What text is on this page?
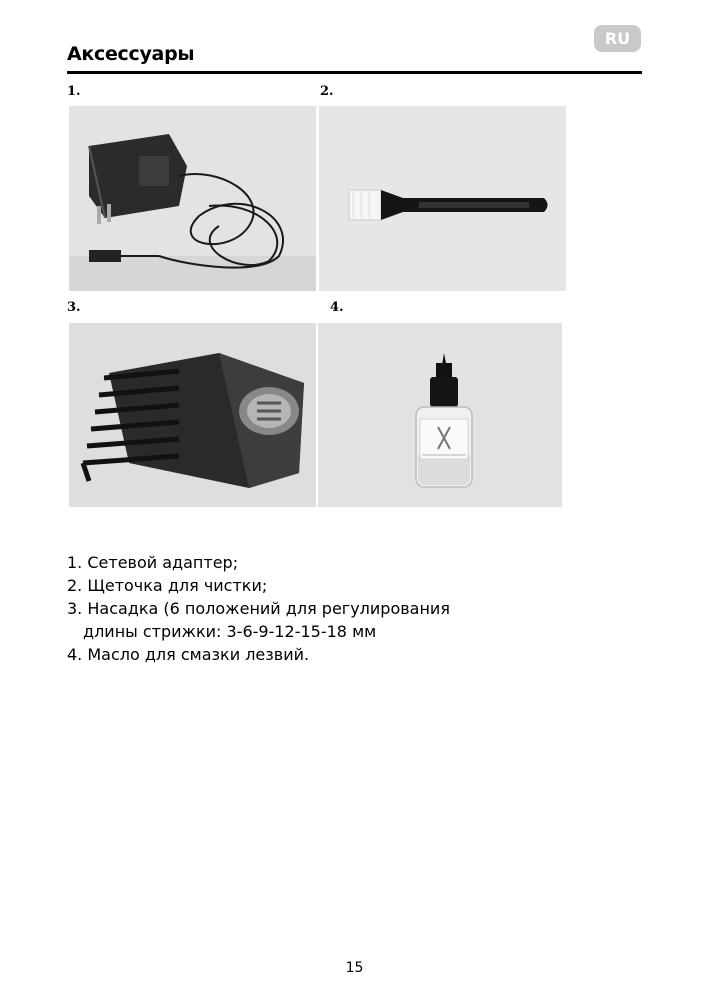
RU
Аксессуары
1.	2.
3.	4.
1. Сетевой адаптер;
2. Щеточка для чистки;
3. Насадка (6 положений для регулирования
длины стрижки: 3-6-9-12-15-18 мм
4. Масло для смазки лезвий.
15
